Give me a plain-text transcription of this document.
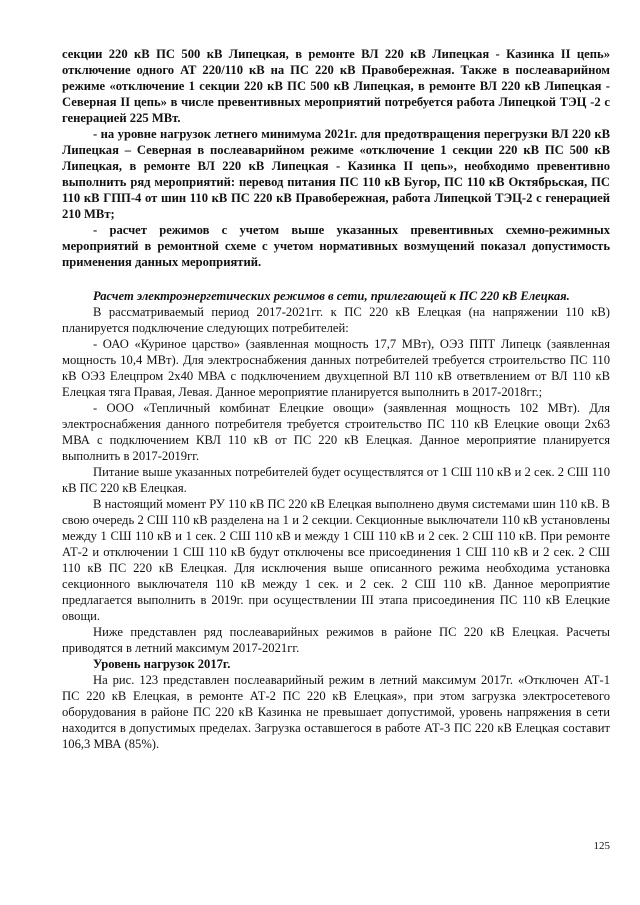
секции 220 кВ ПС 500 кВ Липецкая, в ремонте ВЛ 220 кВ Липецкая - Казинка II цепь» отключение одного АТ 220/110 кВ на ПС 220 кВ Правобережная. Также в послеаварийном режиме «отключение 1 секции 220 кВ ПС 500 кВ Липецкая, в ремонте ВЛ 220 кВ Липецкая - Северная II цепь» в числе превентивных мероприятий потребуется работа Липецкой ТЭЦ -2 с генерацией 225 МВт.

- на уровне нагрузок летнего минимума 2021г. для предотвращения перегрузки ВЛ 220 кВ Липецкая – Северная в послеаварийном режиме «отключение 1 секции 220 кВ ПС 500 кВ Липецкая, в ремонте ВЛ 220 кВ Липецкая - Казинка II цепь», необходимо превентивно выполнить ряд мероприятий: перевод питания ПС 110 кВ Бугор, ПС 110 кВ Октябрьская, ПС 110 кВ ГПП-4 от шин 110 кВ ПС 220 кВ Правобережная, работа Липецкой ТЭЦ-2 с генерацией 210 МВт;

- расчет режимов с учетом выше указанных превентивных схемно-режимных мероприятий в ремонтной схеме с учетом нормативных возмущений показал допустимость применения данных мероприятий.

Расчет электроэнергетических режимов в сети, прилегающей к ПС 220 кВ Елецкая.

В рассматриваемый период 2017-2021гг. к ПС 220 кВ Елецкая (на напряжении 110 кВ) планируется подключение следующих потребителей:

- ОАО «Куриное царство» (заявленная мощность 17,7 МВт), ОЭЗ ППТ Липецк (заявленная мощность 10,4 МВт). Для электроснабжения данных потребителей требуется строительство ПС 110 кВ ОЭЗ Елецпром 2х40 МВА с подключением двухцепной ВЛ 110 кВ ответвлением от ВЛ 110 кВ Елецкая тяга Правая, Левая. Данное мероприятие планируется выполнить в 2017-2018гг.;

- ООО «Тепличный комбинат Елецкие овощи» (заявленная мощность 102 МВт). Для электроснабжения данного потребителя требуется строительство ПС 110 кВ Елецкие овощи 2х63 МВА с подключением КВЛ 110 кВ от ПС 220 кВ Елецкая. Данное мероприятие планируется выполнить в 2017-2019гг.

Питание выше указанных потребителей будет осуществлятся от 1 СШ 110 кВ и 2 сек. 2 СШ 110 кВ ПС 220 кВ Елецкая.

В настоящий момент РУ 110 кВ ПС 220 кВ Елецкая выполнено двумя системами шин 110 кВ. В свою очередь 2 СШ 110 кВ разделена на 1 и 2 секции. Секционные выключатели 110 кВ установлены между 1 СШ 110 кВ и 1 сек. 2 СШ 110 кВ и между 1 СШ 110 кВ и 2 сек. 2 СШ 110 кВ. При ремонте АТ-2 и отключении 1 СШ 110 кВ будут отключены все присоединения 1 СШ 110 кВ и 2 сек. 2 СШ 110 кВ ПС 220 кВ Елецкая. Для исключения выше описанного режима необходима установка секционного выключателя 110 кВ между 1 сек. и 2 сек. 2 СШ 110 кВ. Данное мероприятие предлагается выполнить в 2019г. при осуществлении III этапа присоединения ПС 110 кВ Елецкие овощи.

Ниже представлен ряд послеаварийных режимов в районе ПС 220 кВ Елецкая. Расчеты приводятся в летний максимум 2017-2021гг.

Уровень нагрузок 2017г.

На рис. 123 представлен послеаварийный режим в летний максимум 2017г. «Отключен АТ-1 ПС 220 кВ Елецкая, в ремонте АТ-2 ПС 220 кВ Елецкая», при этом загрузка электросетевого оборудования в районе ПС 220 кВ Казинка не превышает допустимой, уровень напряжения в сети находится в допустимых пределах. Загрузка оставшегося в работе АТ-3 ПС 220 кВ Елецкая составит 106,3 МВА (85%).

125
